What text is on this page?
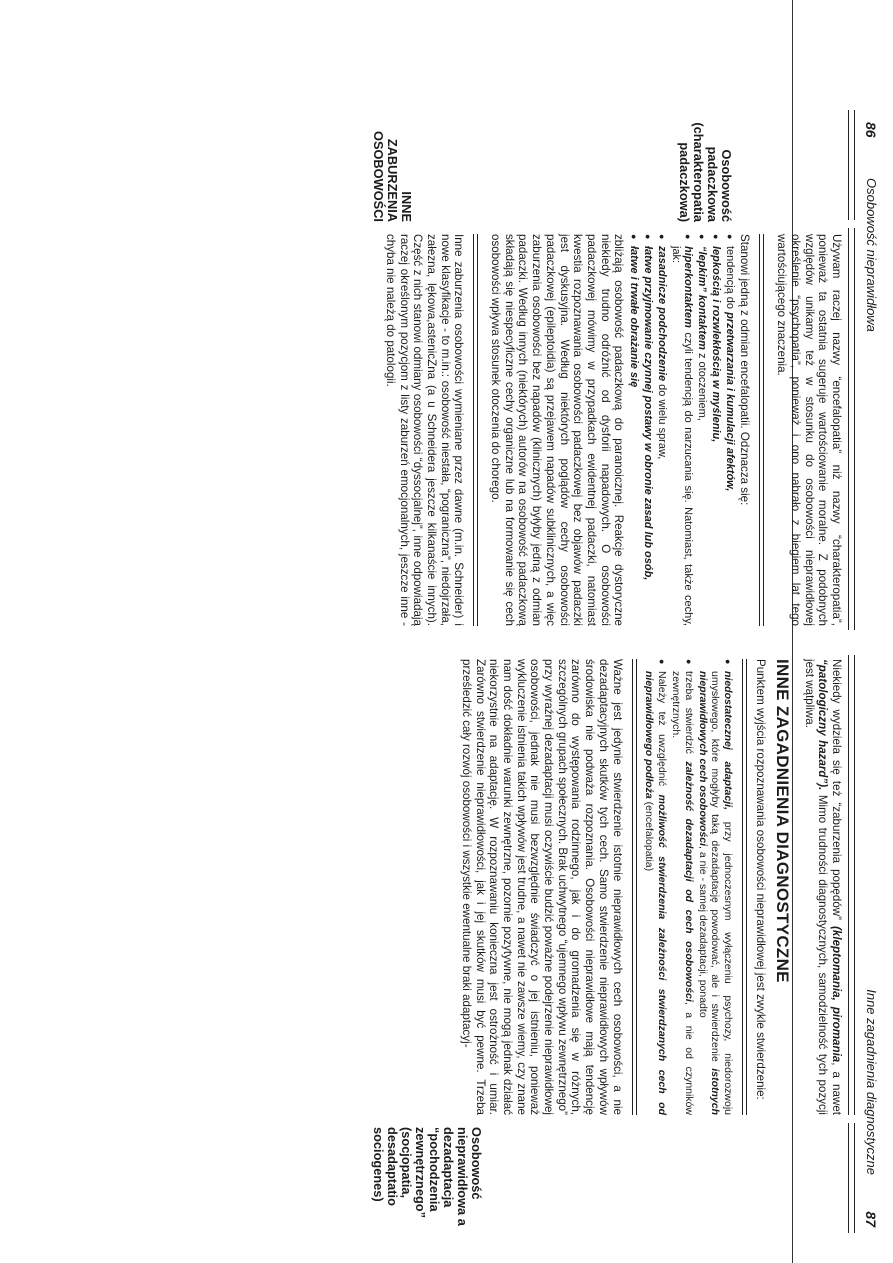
86
Osobowość nieprawidłowa
Osobowość padaczkowa (charakteropatia padaczkowa)
INNE ZABURZENIA OSOBOWOŚCI

Używam raczej nazwy “encefalopatia” niż nazwy “charakteropatia”, ponieważ ta ostatnia sugeruje wartościowanie moralne. Z podobnych względów unikamy też w stosunku do osobowości nieprawidłowej określenie “psychopatia”, ponieważ i ono nabrało z biegiem lat tego wartościującego znaczenia.

Stanowi jedną z odmian encefalopatii. Odznacza się:

● tendencją do przetwarzania i kumulacji afektów,
● lepkością i rozwlekłością w myśleniu,
● “lepkim” kontaktem z otoczeniem,
● hiperkontaktem czyli tendencją do narzucania się. Natomiast, także cechy, jak:
● zasadnicze podchodzenie do wielu spraw,
● łatwe przyjmowanie czynnej postawy w obronie zasad lub osób,
● łatwe i trwałe obrażanie się

zbliżają osobowość padaczkową do paranoicznej. Reakcje dystoryczne niekiedy trudno odróżnić od dysforii napadowych. O osobowości padaczkowej mówimy w przypadkach ewidentnej padaczki, natomiast kwestia rozpoznawania osobowości padaczkowej bez objawów padaczki jest dyskusyjna. Według niektórych poglądów cechy osobowości padaczkowej (epileptoidia) są przejawem napadów subklinicznych, a więc zaburzenia osobowości bez napadów (klinicznych) byłyby jedną z odmian padaczki. Według innych (niektórych) autorów na osobowość padaczkową składają się niespecyficzne cechy organiczne lub na formowanie się cech osobowości wpływa stosunek otoczenia do chorego.

Inne zaburzenia osobowości wymieniane przez dawne (m.in. Schneider) i nowe klasyfikacje - to m.in.: osobowość niestała, “pograniczna”, niedojrzała, załezna, lękowa,astenicZna (a u Schneidera jeszcze kilkanaście innych). Część z nich stanowi odmiany osobowości “dyssocjalnej”, inne odpowiadają raczej określonym pozycjom z listy zaburzeń emocjonalnych, jeszcze inne - chyba nie należą do patologii.

Inne zagadnienia diagnostyczne
87
Osobowość nieprawidłowa a dezadaptacja “pochodzenia zewnętrznego” (socjopatia, desadaptatio sociogenes)

Niekiedy wydziela się też “zaburzenia popędów” (kleptomania, piromania, a nawet “patologiczny hazard”). Mimo trudności diagnostycznych, samodzielność tych pozycji jest wątpliwa.

INNE ZAGADNIENIA DIAGNOSTYCZNE

Punktem wyjścia rozpoznawania osobowości nieprawidłowej jest zwykle stwierdzenie:

● niedostatecznej adaptacji, przy jednoczesnym wyłączeniu psychozy, niedorozwoju umysłowego, które mogłyby taką dezadaptację powodować, ale i stwierdzenie istotnych nieprawidłowych cech osobowości, a nie - samej dezadaptacji, ponadto
● trzeba stwierdzić zależność dezadaptacji od cech osobowości, a nie od czynników zewnętrznych.
● Należy też uwzględnić możliwość stwierdzenia zależności stwierdzanych cech od nieprawidłowego podłoża (encefalopatia)

Ważne jest jedynie stwierdzenie istotnie nieprawidłowych cech osobowości, a nie dezadaptacyjnych skutków tych cech. Samo stwierdzenie nieprawidłowych wpływów środowiska nie podważa rozpoznania. Osobowości nieprawidłowe mają tendencję zarówno do występowania rodzinnego, jak i do gromadzenia się w różnych, szczególnych grupach społecznych. Brak uchwytnego “ujemnego wpływu zewnętrznego” przy wyraźnej dezadaptacji musi oczywiście budzić poważne podejrzenie nieprawidłowej osobowości, jednak nie musi bezwzględnie świadczyć o jej istnieniu, ponieważ wykluczenie istnienia takich wpływów jest trudne, a nawet nie zawsze wiemy, czy znane nam dość dokładnie warunki zewnętrzne, pozornie pozytywne, nie mogą jednak działać niekorzystnie na adaptację. W rozpoznawaniu konieczna jest ostrożność i umiar. Zarówno stwierdzenie nieprawidłowości, jak i jej skutków musi być pewne. Trzeba prześledzić cały rozwój osobowości i wszystkie ewentualne braki adaptacyj-
